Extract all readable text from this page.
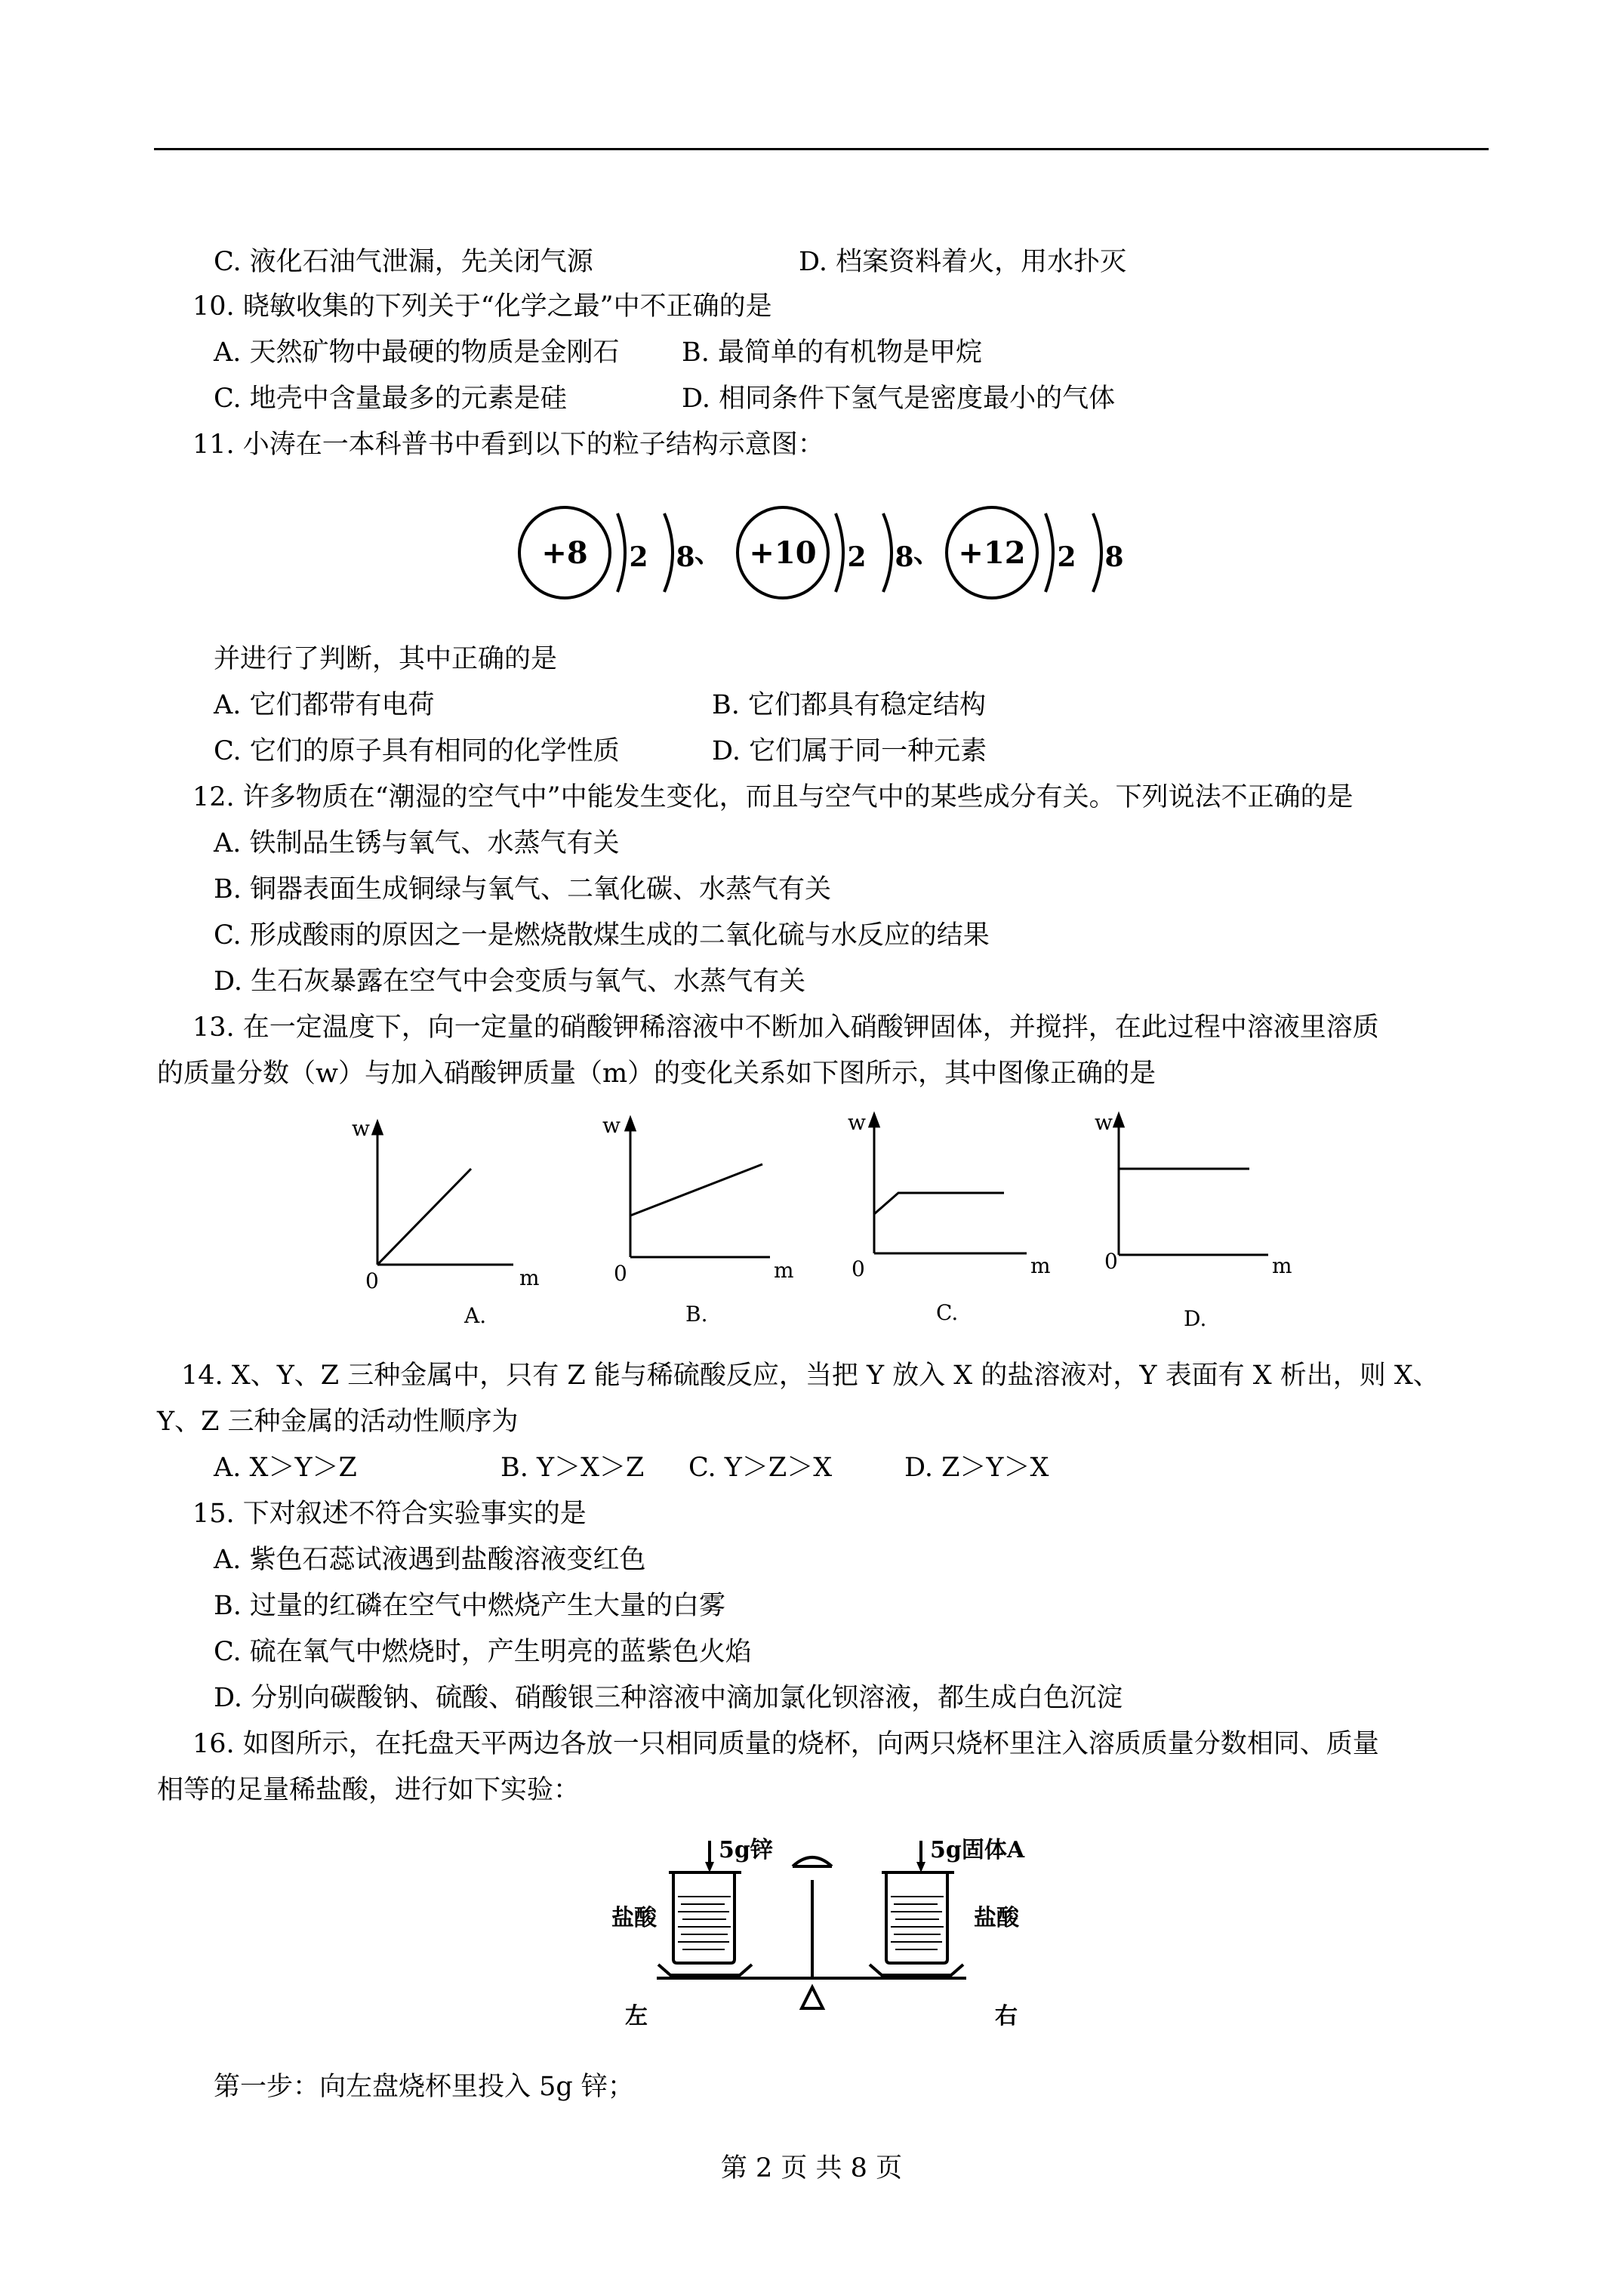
C. 液化石油气泄漏，先关闭气源	D. 档案资料着火，用水扑灭
10. 晓敏收集的下列关于“化学之最”中不正确的是
A. 天然矿物中最硬的物质是金刚石 B. 最简单的有机物是甲烷
C. 地壳中含量最多的元素是硅	D. 相同条件下氢气是密度最小的气体
11. 小涛在一本科普书中看到以下的粒子结构示意图：
+8 2 8 、 +10 2 8 、 +12 2 8
并进行了判断，其中正确的是
A. 它们都带有电荷	B. 它们都具有稳定结构
C. 它们的原子具有相同的化学性质	D. 它们属于同一种元素
12. 许多物质在“潮湿的空气中”中能发生变化，而且与空气中的某些成分有关。下列说法不正确的是
A. 铁制品生锈与氧气、水蒸气有关
B. 铜器表面生成铜绿与氧气、二氧化碳、水蒸气有关
C. 形成酸雨的原因之一是燃烧散煤生成的二氧化硫与水反应的结果
D. 生石灰暴露在空气中会变质与氧气、水蒸气有关
13. 在一定温度下，向一定量的硝酸钾稀溶液中不断加入硝酸钾固体，并搅拌，在此过程中溶液里溶质
的质量分数（w）与加入硝酸钾质量（m）的变化关系如下图所示，其中图像正确的是
w
0	m
A.
w
0	m
B.
w
0	m
C.
w
0	m
D.
14. X、Y、Z 三种金属中，只有 Z 能与稀硫酸反应，当把 Y 放入 X 的盐溶液对，Y 表面有 X 析出，则 X、
Y、Z 三种金属的活动性顺序为
A. X＞Y＞Z	B. Y＞X＞Z C. Y＞Z＞X	D. Z＞Y＞X
15. 下对叙述不符合实验事实的是
A. 紫色石蕊试液遇到盐酸溶液变红色
B. 过量的红磷在空气中燃烧产生大量的白雾
C. 硫在氧气中燃烧时，产生明亮的蓝紫色火焰
D. 分别向碳酸钠、硫酸、硝酸银三种溶液中滴加氯化钡溶液，都生成白色沉淀
16. 如图所示，在托盘天平两边各放一只相同质量的烧杯，向两只烧杯里注入溶质质量分数相同、质量
相等的足量稀盐酸，进行如下实验：
5g锌	5g固体A
盐酸	盐酸
左	右
第一步：向左盘烧杯里投入 5g 锌；
第 2 页 共 8 页
